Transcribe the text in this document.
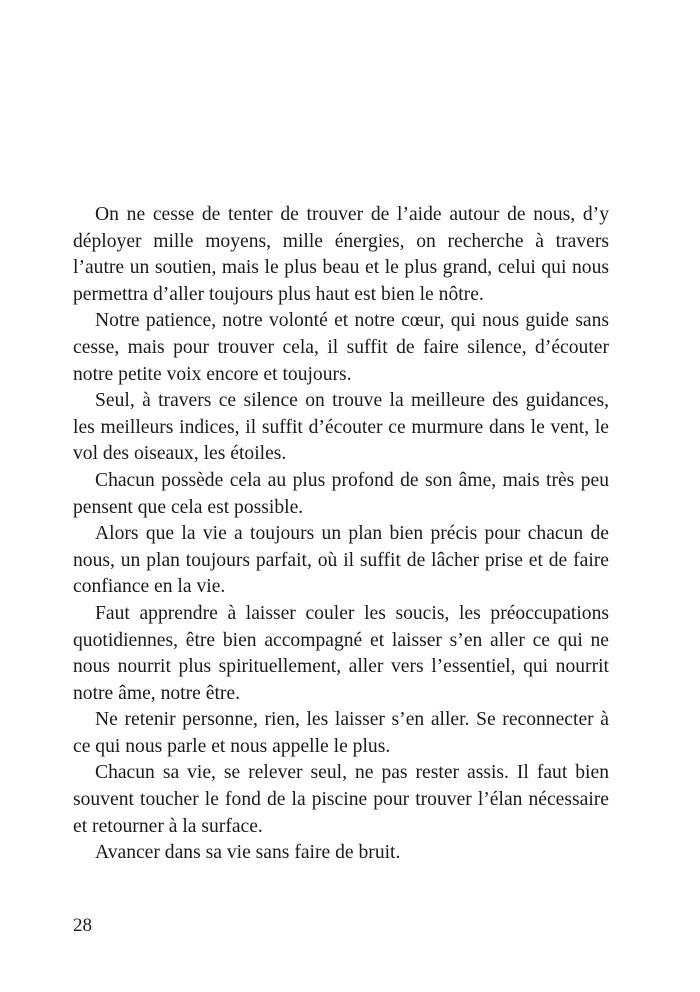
On ne cesse de tenter de trouver de l’aide autour de nous, d’y déployer mille moyens, mille énergies, on recherche à travers l’autre un soutien, mais le plus beau et le plus grand, celui qui nous permettra d’aller toujours plus haut est bien le nôtre.

Notre patience, notre volonté et notre cœur, qui nous guide sans cesse, mais pour trouver cela, il suffit de faire silence, d’écouter notre petite voix encore et toujours.

Seul, à travers ce silence on trouve la meilleure des guidances, les meilleurs indices, il suffit d’écouter ce murmure dans le vent, le vol des oiseaux, les étoiles.

Chacun possède cela au plus profond de son âme, mais très peu pensent que cela est possible.

Alors que la vie a toujours un plan bien précis pour chacun de nous, un plan toujours parfait, où il suffit de lâcher prise et de faire confiance en la vie.

Faut apprendre à laisser couler les soucis, les préoccupations quotidiennes, être bien accompagné et laisser s’en aller ce qui ne nous nourrit plus spirituellement, aller vers l’essentiel, qui nourrit notre âme, notre être.

Ne retenir personne, rien, les laisser s’en aller. Se reconnecter à ce qui nous parle et nous appelle le plus.

Chacun sa vie, se relever seul, ne pas rester assis. Il faut bien souvent toucher le fond de la piscine pour trouver l’élan nécessaire et retourner à la surface.

Avancer dans sa vie sans faire de bruit.

28
